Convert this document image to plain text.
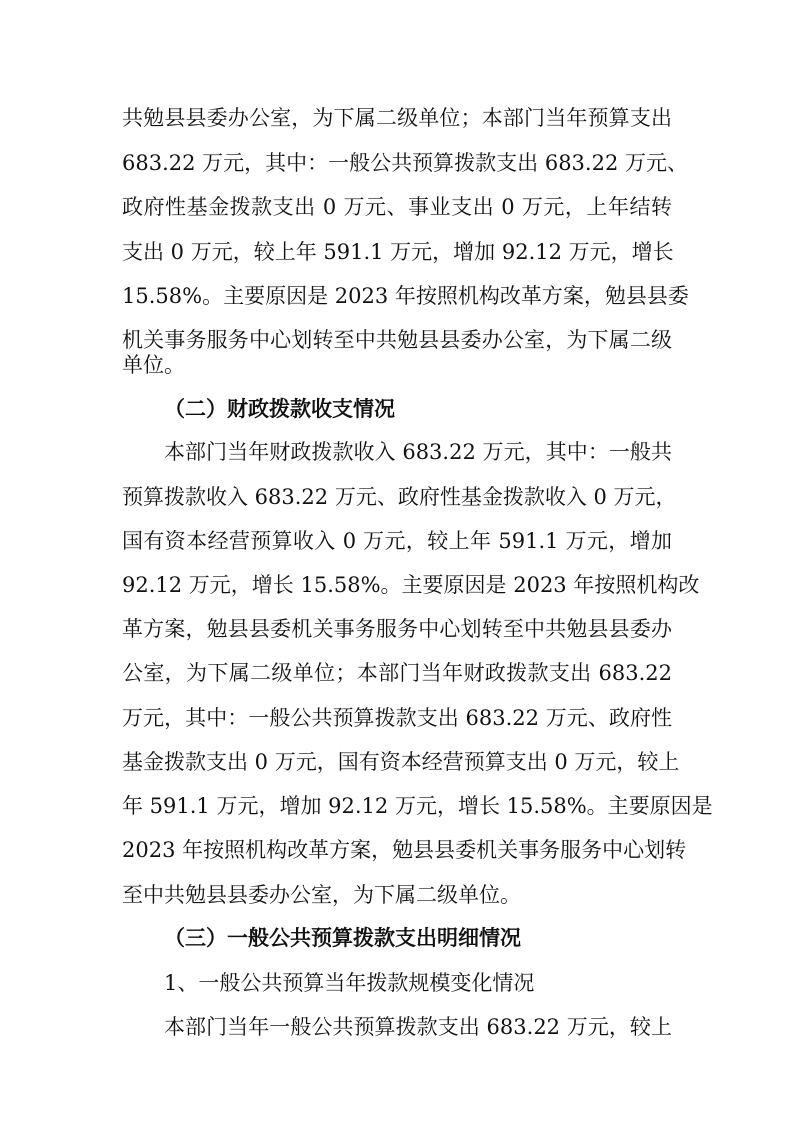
共勉县县委办公室，为下属二级单位；本部门当年预算支出
683.22 万元，其中：一般公共预算拨款支出 683.22 万元、
政府性基金拨款支出 0 万元、事业支出 0 万元，上年结转
支出 0 万元，较上年 591.1 万元，增加 92.12 万元，增长
15.58%。主要原因是 2023 年按照机构改革方案，勉县县委
机关事务服务中心划转至中共勉县县委办公室，为下属二级
单位。
（二）财政拨款收支情况
本部门当年财政拨款收入 683.22 万元，其中：一般共
预算拨款收入 683.22 万元、政府性基金拨款收入 0 万元，
国有资本经营预算收入 0 万元，较上年 591.1 万元，增加
92.12 万元，增长 15.58%。主要原因是 2023 年按照机构改
革方案，勉县县委机关事务服务中心划转至中共勉县县委办
公室，为下属二级单位；本部门当年财政拨款支出 683.22
万元，其中：一般公共预算拨款支出 683.22 万元、政府性
基金拨款支出 0 万元，国有资本经营预算支出 0 万元，较上
年 591.1 万元，增加 92.12 万元，增长 15.58%。主要原因是
2023 年按照机构改革方案，勉县县委机关事务服务中心划转
至中共勉县县委办公室，为下属二级单位。
（三）一般公共预算拨款支出明细情况
1、一般公共预算当年拨款规模变化情况
本部门当年一般公共预算拨款支出 683.22 万元，较上
